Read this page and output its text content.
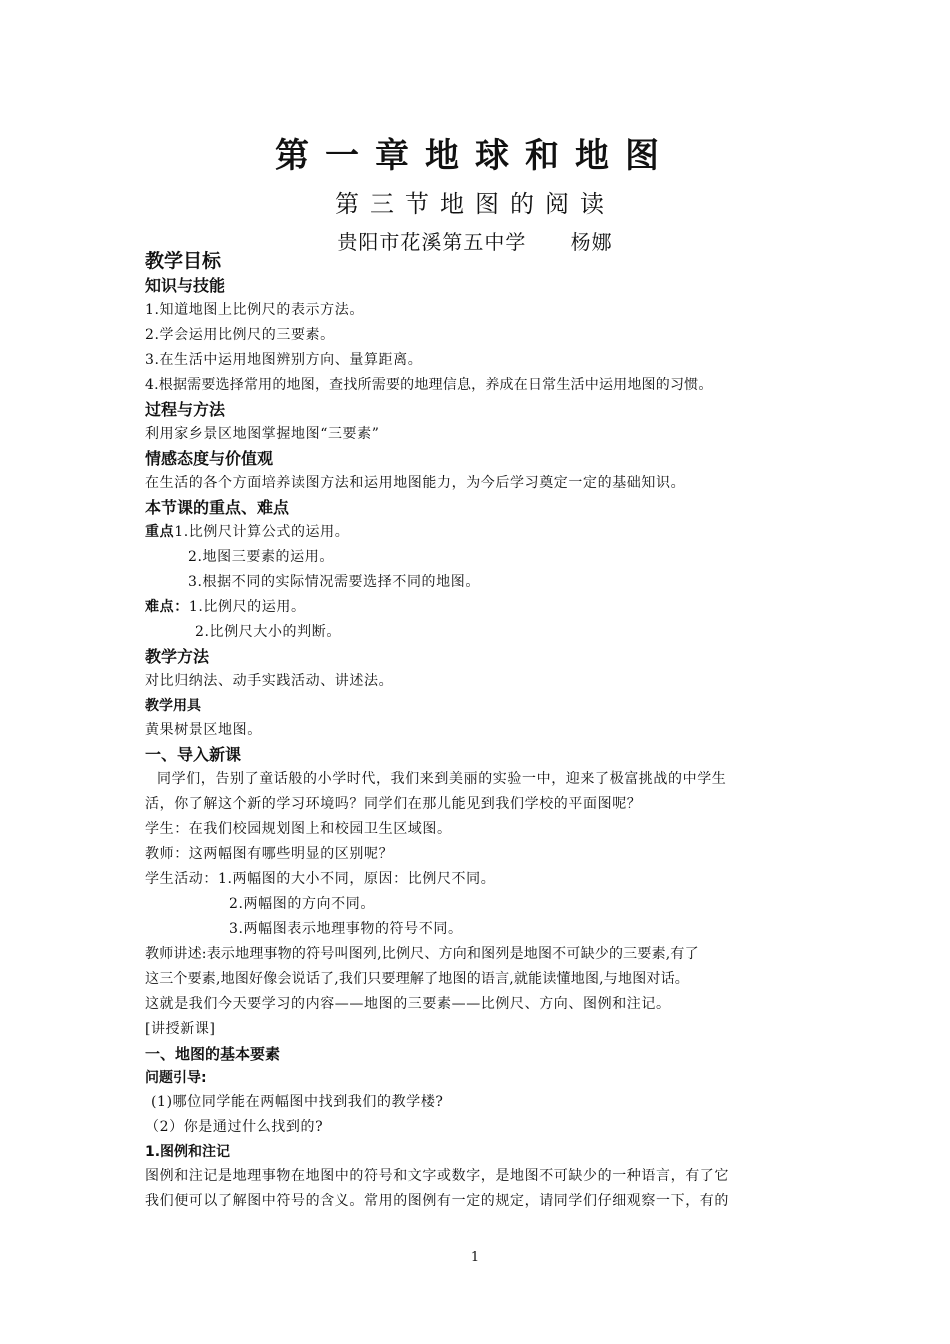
第一章地球和地图
第三节地图的阅读
贵阳市花溪第五中学      杨娜

教学目标

知识与技能

1.知道地图上比例尺的表示方法。

2.学会运用比例尺的三要素。

3.在生活中运用地图辨别方向、量算距离。

4.根据需要选择常用的地图，查找所需要的地理信息，养成在日常生活中运用地图的习惯。

过程与方法

利用家乡景区地图掌握地图“三要素”

情感态度与价值观

在生活的各个方面培养读图方法和运用地图能力，为今后学习奠定一定的基础知识。

本节课的重点、难点

重点1.比例尺计算公式的运用。

2.地图三要素的运用。

3.根据不同的实际情况需要选择不同的地图。

难点：1.比例尺的运用。

2.比例尺大小的判断。

教学方法

对比归纳法、动手实践活动、讲述法。

教学用具

黄果树景区地图。

一、导入新课

同学们，告别了童话般的小学时代，我们来到美丽的实验一中，迎来了极富挑战的中学生

活，你了解这个新的学习环境吗？同学们在那儿能见到我们学校的平面图呢？

学生：在我们校园规划图上和校园卫生区域图。

教师：这两幅图有哪些明显的区别呢？

学生活动：1.两幅图的大小不同，原因：比例尺不同。

2.两幅图的方向不同。

3.两幅图表示地理事物的符号不同。

教师讲述:表示地理事物的符号叫图列,比例尺、方向和图列是地图不可缺少的三要素,有了

这三个要素,地图好像会说话了,我们只要理解了地图的语言,就能读懂地图,与地图对话。

这就是我们今天要学习的内容——地图的三要素——比例尺、方向、图例和注记。

[讲授新课]

一、地图的基本要素

问题引导:

(1)哪位同学能在两幅图中找到我们的教学楼?

（2）你是通过什么找到的?

1.图例和注记

图例和注记是地理事物在地图中的符号和文字或数字，是地图不可缺少的一种语言，有了它

我们便可以了解图中符号的含义。常用的图例有一定的规定，请同学们仔细观察一下，有的

1
